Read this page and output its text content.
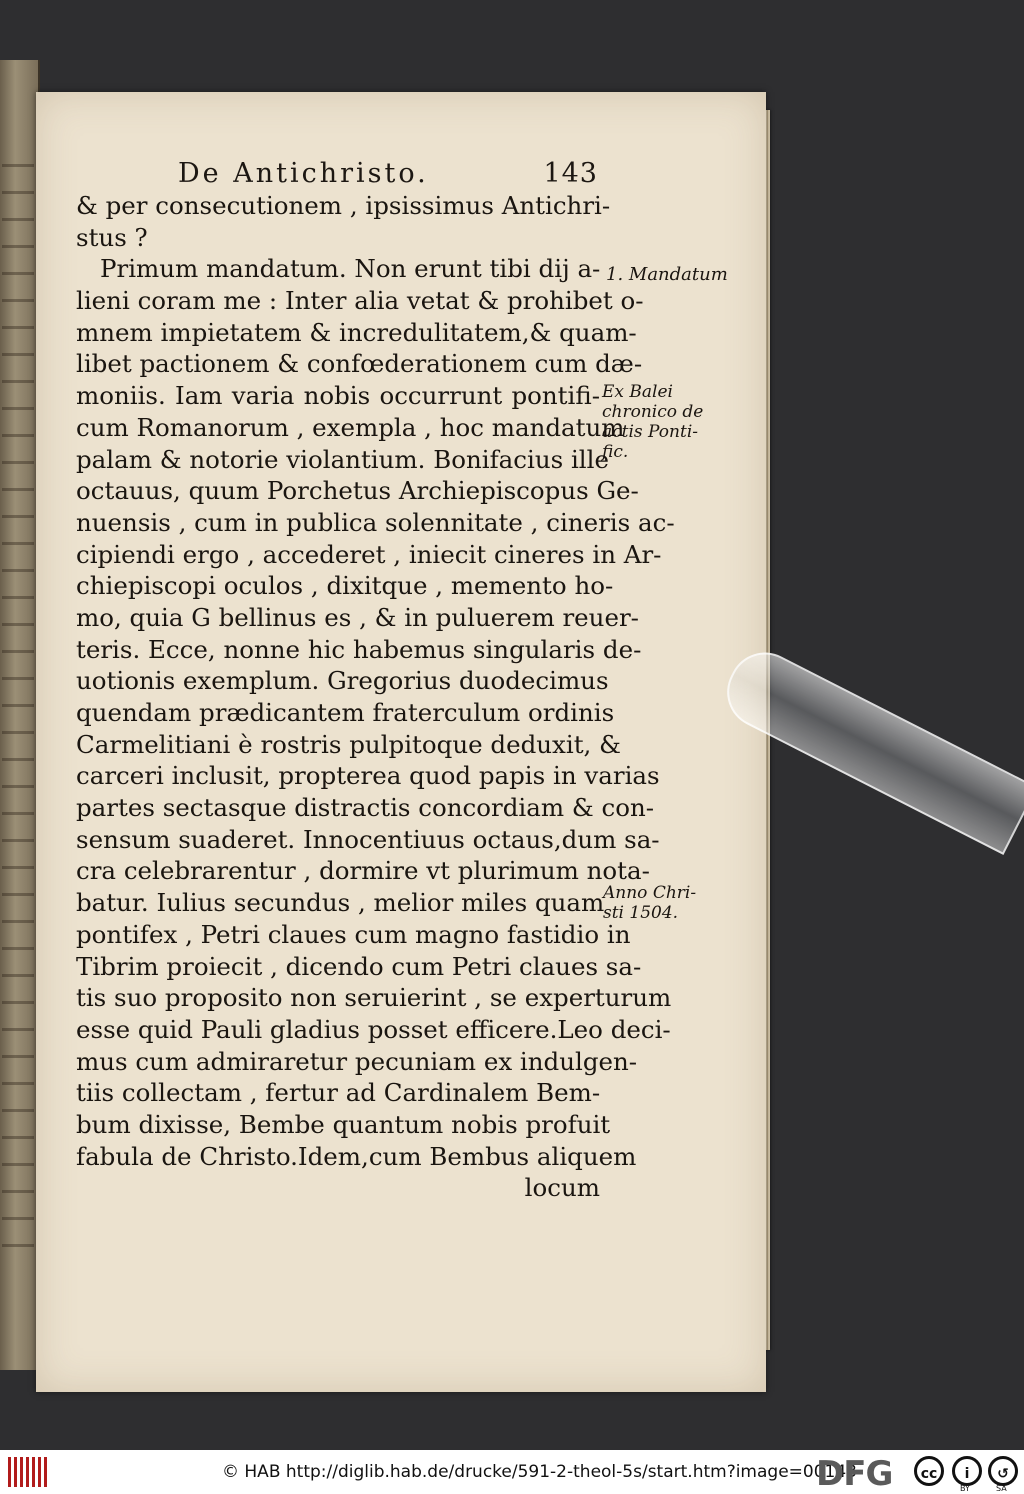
De Antichristo.	143
& per consecutionem , ipsissimus Antichri-
stus ?
Primum mandatum. Non erunt tibi dij a-
lieni coram me : Inter alia vetat & prohibet o-
mnem impietatem & incredulitatem,& quam-
libet pactionem & confœderationem cum dæ-
moniis. Iam varia nobis occurrunt pontifi-
cum Romanorum , exempla , hoc mandatum
palam & notorie violantium. Bonifacius ille
octauus, quum Porchetus Archiepiscopus Ge-
nuensis , cum in publica solennitate , cineris ac-
cipiendi ergo , accederet , iniecit cineres in Ar-
chiepiscopi oculos , dixitque , memento ho-
mo, quia G bellinus es , & in puluerem reuer-
teris. Ecce, nonne hic habemus singularis de-
uotionis exemplum. Gregorius duodecimus
quendam prædicantem fraterculum ordinis
Carmelitiani è rostris pulpitoque deduxit, &
carceri inclusit, propterea quod papis in varias
partes sectasque distractis concordiam & con-
sensum suaderet. Innocentiuus octaus,dum sa-
cra celebrarentur , dormire vt plurimum nota-
batur. Iulius secundus , melior miles quam
pontifex , Petri claues cum magno fastidio in
Tibrim proiecit , dicendo cum Petri claues sa-
tis suo proposito non seruierint , se experturum
esse quid Pauli gladius posset efficere.Leo deci-
mus cum admiraretur pecuniam ex indulgen-
tiis collectam , fertur ad Cardinalem Bem-
bum dixisse, Bembe quantum nobis profuit
fabula de Christo.Idem,cum Bembus aliquem
locum
1. Mandatum
Ex Balei
chronico de
actis Ponti-
fic.
Anno Chri-
sti 1504.
© HAB http://diglib.hab.de/drucke/591-2-theol-5s/start.htm?image=00143
DFG	cc	i	↺
BY	SA
